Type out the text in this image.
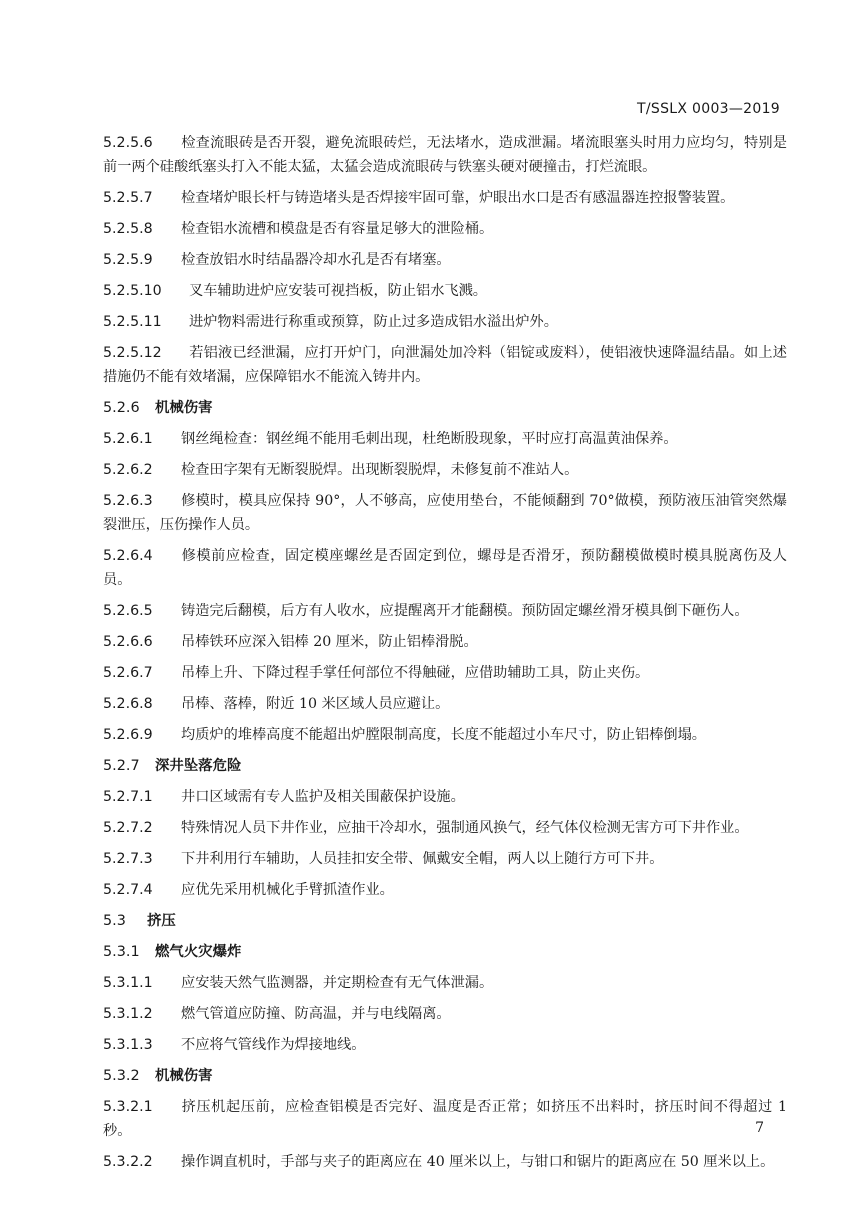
T/SSLX 0003—2019
5.2.5.6 检查流眼砖是否开裂，避免流眼砖烂，无法堵水，造成泄漏。堵流眼塞头时用力应均匀，特别是前一两个硅酸纸塞头打入不能太猛，太猛会造成流眼砖与铁塞头硬对硬撞击，打烂流眼。
5.2.5.7 检查堵炉眼长杆与铸造堵头是否焊接牢固可靠，炉眼出水口是否有感温器连控报警装置。
5.2.5.8 检查铝水流槽和模盘是否有容量足够大的泄险桶。
5.2.5.9 检查放铝水时结晶器冷却水孔是否有堵塞。
5.2.5.10 叉车辅助进炉应安装可视挡板，防止铝水飞溅。
5.2.5.11 进炉物料需进行称重或预算，防止过多造成铝水溢出炉外。
5.2.5.12 若铝液已经泄漏，应打开炉门，向泄漏处加冷料（铝锭或废料），使铝液快速降温结晶。如上述措施仍不能有效堵漏，应保障铝水不能流入铸井内。
5.2.6 机械伤害
5.2.6.1 钢丝绳检查：钢丝绳不能用毛刺出现，杜绝断股现象，平时应打高温黄油保养。
5.2.6.2 检查田字架有无断裂脱焊。出现断裂脱焊，未修复前不准站人。
5.2.6.3 修模时，模具应保持 90°，人不够高，应使用垫台，不能倾翻到 70°做模，预防液压油管突然爆裂泄压，压伤操作人员。
5.2.6.4 修模前应检查，固定模座螺丝是否固定到位，螺母是否滑牙，预防翻模做模时模具脱离伤及人员。
5.2.6.5 铸造完后翻模，后方有人收水，应提醒离开才能翻模。预防固定螺丝滑牙模具倒下砸伤人。
5.2.6.6 吊棒铁环应深入铝棒 20 厘米，防止铝棒滑脱。
5.2.6.7 吊棒上升、下降过程手掌任何部位不得触碰，应借助辅助工具，防止夹伤。
5.2.6.8 吊棒、落棒，附近 10 米区域人员应避让。
5.2.6.9 均质炉的堆棒高度不能超出炉膛限制高度，长度不能超过小车尺寸，防止铝棒倒塌。
5.2.7 深井坠落危险
5.2.7.1 井口区域需有专人监护及相关围蔽保护设施。
5.2.7.2 特殊情况人员下井作业，应抽干冷却水，强制通风换气，经气体仪检测无害方可下井作业。
5.2.7.3 下井利用行车辅助，人员挂扣安全带、佩戴安全帽，两人以上随行方可下井。
5.2.7.4 应优先采用机械化手臂抓渣作业。
5.3 挤压
5.3.1 燃气火灾爆炸
5.3.1.1 应安装天然气监测器，并定期检查有无气体泄漏。
5.3.1.2 燃气管道应防撞、防高温，并与电线隔离。
5.3.1.3 不应将气管线作为焊接地线。
5.3.2 机械伤害
5.3.2.1 挤压机起压前，应检查铝模是否完好、温度是否正常；如挤压不出料时，挤压时间不得超过 1 秒。
5.3.2.2 操作调直机时，手部与夹子的距离应在 40 厘米以上，与钳口和锯片的距离应在 50 厘米以上。
7
